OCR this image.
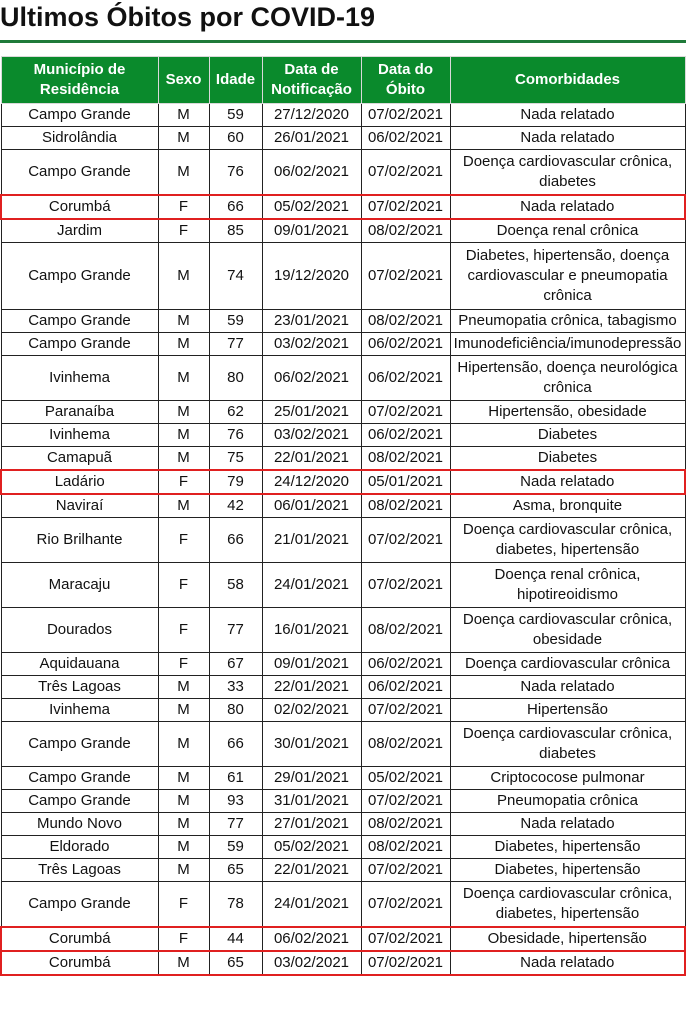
Ultimos Óbitos por COVID-19
Município de Residência	Sexo	Idade	Data de Notificação	Data do Óbito	Comorbidades
Campo Grande	M	59	27/12/2020	07/02/2021	Nada relatado
Sidrolândia	M	60	26/01/2021	06/02/2021	Nada relatado
Campo Grande	M	76	06/02/2021	07/02/2021	Doença cardiovascular crônica, diabetes
Corumbá	F	66	05/02/2021	07/02/2021	Nada relatado
Jardim	F	85	09/01/2021	08/02/2021	Doença renal crônica
Campo Grande	M	74	19/12/2020	07/02/2021	Diabetes, hipertensão, doença cardiovascular e pneumopatia crônica
Campo Grande	M	59	23/01/2021	08/02/2021	Pneumopatia crônica, tabagismo
Campo Grande	M	77	03/02/2021	06/02/2021	Imunodeficiência/imunodepressão
Ivinhema	M	80	06/02/2021	06/02/2021	Hipertensão, doença neurológica crônica
Paranaíba	M	62	25/01/2021	07/02/2021	Hipertensão, obesidade
Ivinhema	M	76	03/02/2021	06/02/2021	Diabetes
Camapuã	M	75	22/01/2021	08/02/2021	Diabetes
Ladário	F	79	24/12/2020	05/01/2021	Nada relatado
Naviraí	M	42	06/01/2021	08/02/2021	Asma, bronquite
Rio Brilhante	F	66	21/01/2021	07/02/2021	Doença cardiovascular crônica, diabetes, hipertensão
Maracaju	F	58	24/01/2021	07/02/2021	Doença renal crônica, hipotireoidismo
Dourados	F	77	16/01/2021	08/02/2021	Doença cardiovascular crônica, obesidade
Aquidauana	F	67	09/01/2021	06/02/2021	Doença cardiovascular crônica
Três Lagoas	M	33	22/01/2021	06/02/2021	Nada relatado
Ivinhema	M	80	02/02/2021	07/02/2021	Hipertensão
Campo Grande	M	66	30/01/2021	08/02/2021	Doença cardiovascular crônica, diabetes
Campo Grande	M	61	29/01/2021	05/02/2021	Criptococose pulmonar
Campo Grande	M	93	31/01/2021	07/02/2021	Pneumopatia crônica
Mundo Novo	M	77	27/01/2021	08/02/2021	Nada relatado
Eldorado	M	59	05/02/2021	08/02/2021	Diabetes, hipertensão
Três Lagoas	M	65	22/01/2021	07/02/2021	Diabetes, hipertensão
Campo Grande	F	78	24/01/2021	07/02/2021	Doença cardiovascular crônica, diabetes, hipertensão
Corumbá	F	44	06/02/2021	07/02/2021	Obesidade, hipertensão
Corumbá	M	65	03/02/2021	07/02/2021	Nada relatado
